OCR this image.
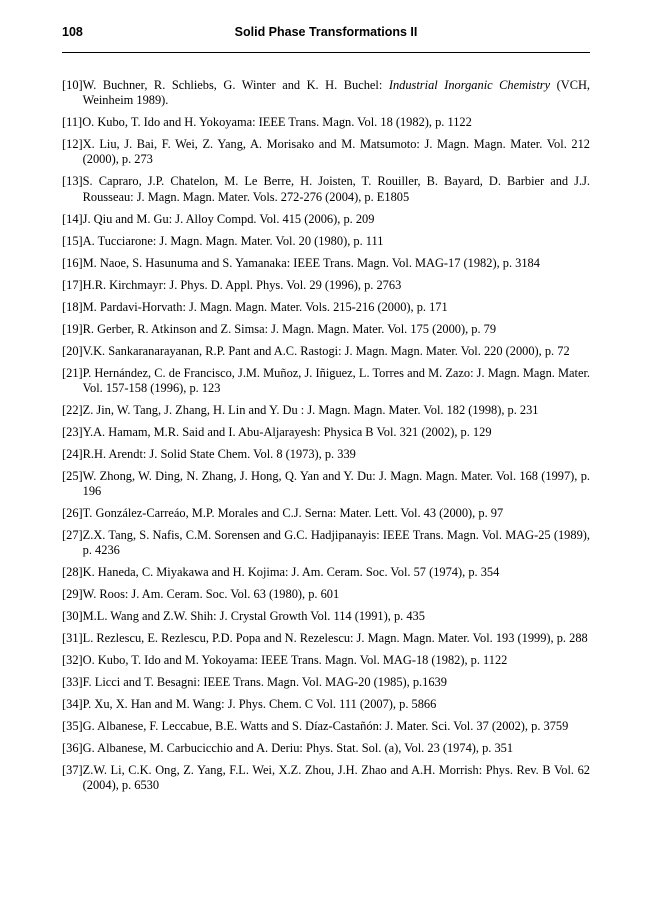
108	Solid Phase Transformations II
[10] W. Buchner, R. Schliebs, G. Winter and K. H. Buchel: Industrial Inorganic Chemistry (VCH, Weinheim 1989).
[11] O. Kubo, T. Ido and H. Yokoyama: IEEE Trans. Magn. Vol. 18 (1982), p. 1122
[12] X. Liu, J. Bai, F. Wei, Z. Yang, A. Morisako and M. Matsumoto: J. Magn. Magn. Mater. Vol. 212 (2000), p. 273
[13] S. Capraro, J.P. Chatelon, M. Le Berre, H. Joisten, T. Rouiller, B. Bayard, D. Barbier and J.J. Rousseau: J. Magn. Magn. Mater. Vols. 272-276 (2004), p. E1805
[14] J. Qiu and M. Gu: J. Alloy Compd. Vol. 415 (2006), p. 209
[15] A. Tucciarone: J. Magn. Magn. Mater. Vol. 20 (1980), p. 111
[16] M. Naoe, S. Hasunuma and S. Yamanaka: IEEE Trans. Magn. Vol. MAG-17 (1982), p. 3184
[17] H.R. Kirchmayr: J. Phys. D. Appl. Phys. Vol. 29 (1996), p. 2763
[18] M. Pardavi-Horvath: J. Magn. Magn. Mater. Vols. 215-216 (2000), p. 171
[19] R. Gerber, R. Atkinson and Z. Simsa: J. Magn. Magn. Mater. Vol. 175 (2000), p. 79
[20] V.K. Sankaranarayanan, R.P. Pant and A.C. Rastogi: J. Magn. Magn. Mater. Vol. 220 (2000), p. 72
[21] P. Hernández, C. de Francisco, J.M. Muñoz, J. Iñiguez, L. Torres and M. Zazo: J. Magn. Magn. Mater. Vol. 157-158 (1996), p. 123
[22] Z. Jin, W. Tang, J. Zhang, H. Lin and Y. Du : J. Magn. Magn. Mater. Vol. 182 (1998), p. 231
[23] Y.A. Hamam, M.R. Said and I. Abu-Aljarayesh: Physica B Vol. 321 (2002), p. 129
[24] R.H. Arendt: J. Solid State Chem. Vol. 8 (1973), p. 339
[25] W. Zhong, W. Ding, N. Zhang, J. Hong, Q. Yan and Y. Du: J. Magn. Magn. Mater. Vol. 168 (1997), p. 196
[26] T. González-Carreáo, M.P. Morales and C.J. Serna: Mater. Lett. Vol. 43 (2000), p. 97
[27] Z.X. Tang, S. Nafis, C.M. Sorensen and G.C. Hadjipanayis: IEEE Trans. Magn. Vol. MAG-25 (1989), p. 4236
[28] K. Haneda, C. Miyakawa and H. Kojima: J. Am. Ceram. Soc. Vol. 57 (1974), p. 354
[29] W. Roos: J. Am. Ceram. Soc. Vol. 63 (1980), p. 601
[30] M.L. Wang and Z.W. Shih: J. Crystal Growth Vol. 114 (1991), p. 435
[31] L. Rezlescu, E. Rezlescu, P.D. Popa and N. Rezelescu: J. Magn. Magn. Mater. Vol. 193 (1999), p. 288
[32] O. Kubo, T. Ido and M. Yokoyama: IEEE Trans. Magn. Vol. MAG-18 (1982), p. 1122
[33] F. Licci and T. Besagni: IEEE Trans. Magn. Vol. MAG-20 (1985), p.1639
[34] P. Xu, X. Han and M. Wang: J. Phys. Chem. C Vol. 111 (2007), p. 5866
[35] G. Albanese, F. Leccabue, B.E. Watts and S. Díaz-Castañón: J. Mater. Sci. Vol. 37 (2002), p. 3759
[36] G. Albanese, M. Carbucicchio and A. Deriu: Phys. Stat. Sol. (a), Vol. 23 (1974), p. 351
[37] Z.W. Li, C.K. Ong, Z. Yang, F.L. Wei, X.Z. Zhou, J.H. Zhao and A.H. Morrish: Phys. Rev. B Vol. 62 (2004), p. 6530
